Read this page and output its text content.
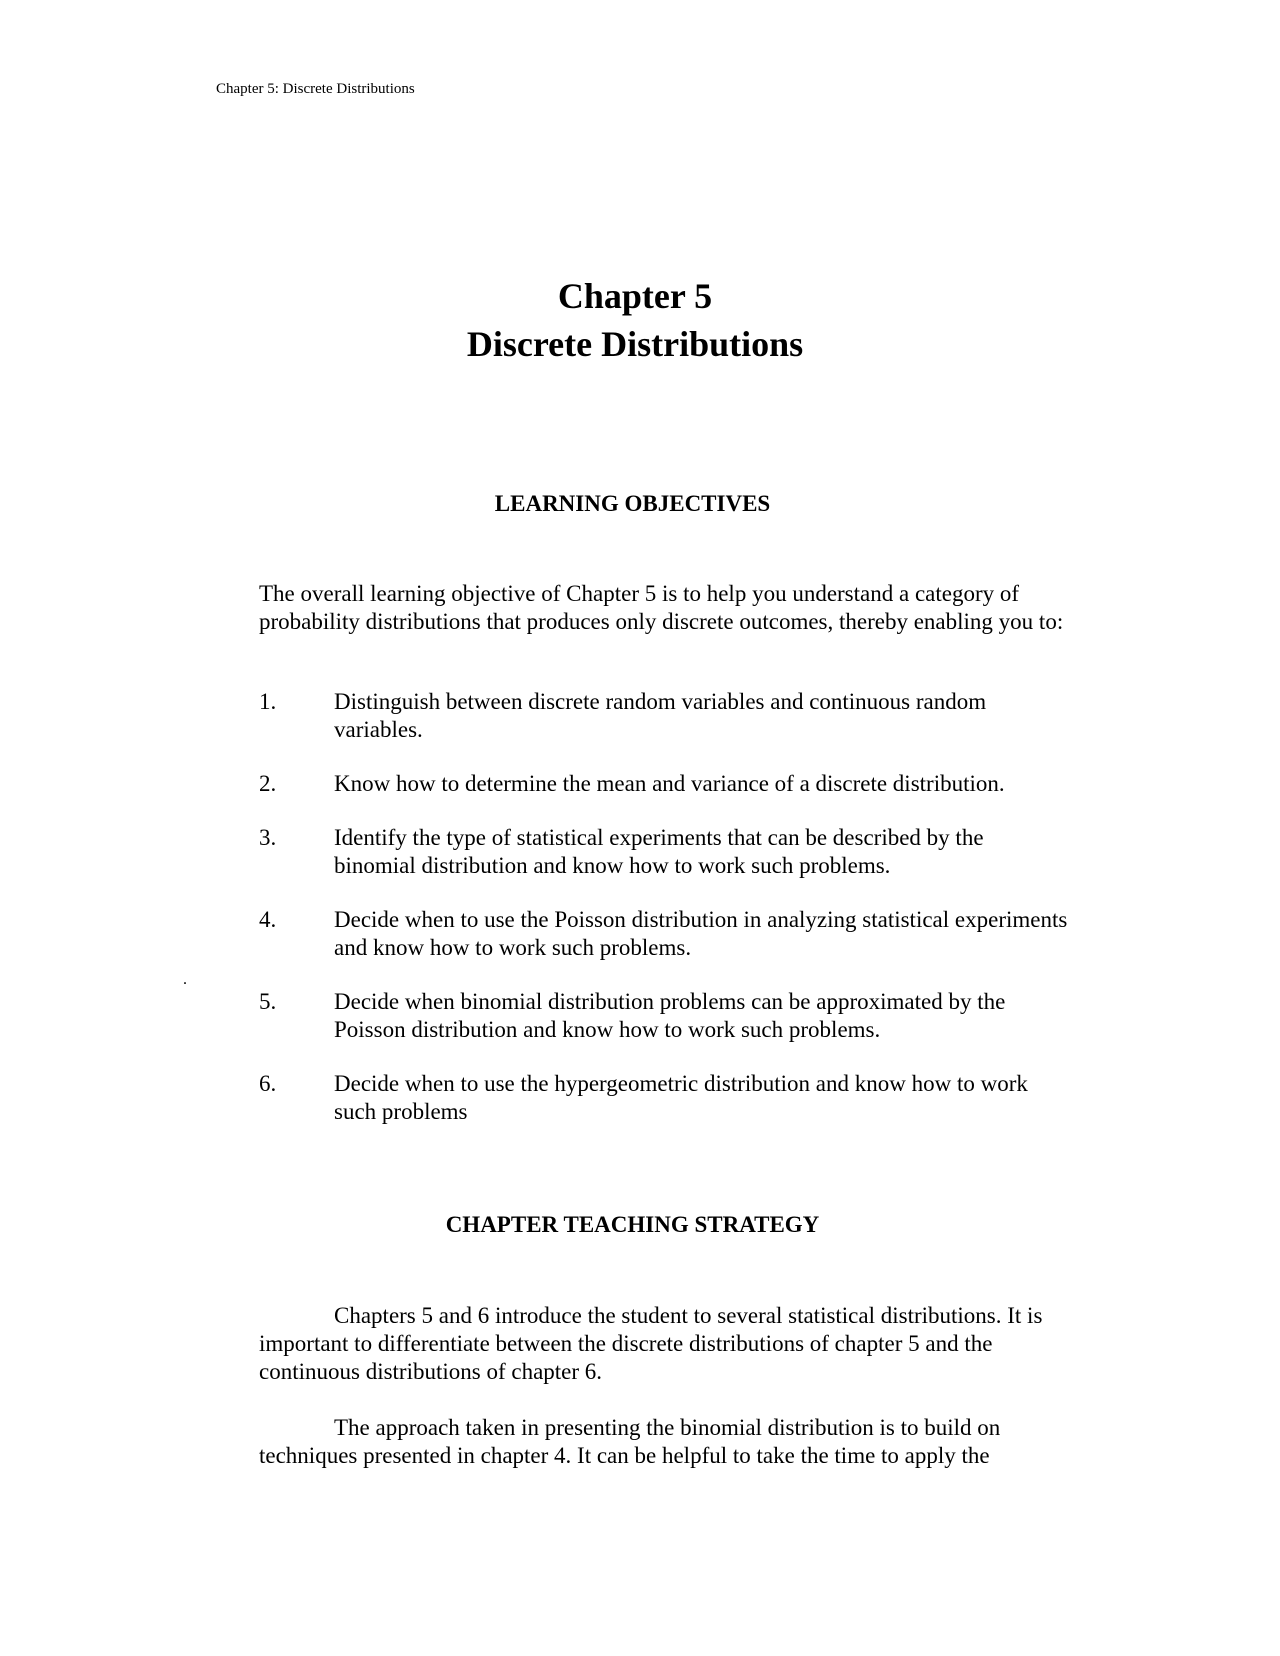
Chapter 5: Discrete Distributions
Chapter 5
Discrete Distributions
LEARNING OBJECTIVES

The overall learning objective of Chapter 5 is to help you understand a category of probability distributions that produces only discrete outcomes, thereby enabling you to:

1.	Distinguish between discrete random variables and continuous random variables.
2.	Know how to determine the mean and variance of a discrete distribution.
3.	Identify the type of statistical experiments that can be described by the binomial distribution and know how to work such problems.
4.	Decide when to use the Poisson distribution in analyzing statistical experiments and know how to work such problems.
5.	Decide when binomial distribution problems can be approximated by the Poisson distribution and know how to work such problems.
6.	Decide when to use the hypergeometric distribution and know how to work such problems
.
CHAPTER TEACHING STRATEGY

Chapters 5 and 6 introduce the student to several statistical distributions. It is important to differentiate between the discrete distributions of chapter 5 and the continuous distributions of chapter 6.

The approach taken in presenting the binomial distribution is to build on techniques presented in chapter 4. It can be helpful to take the time to apply the
